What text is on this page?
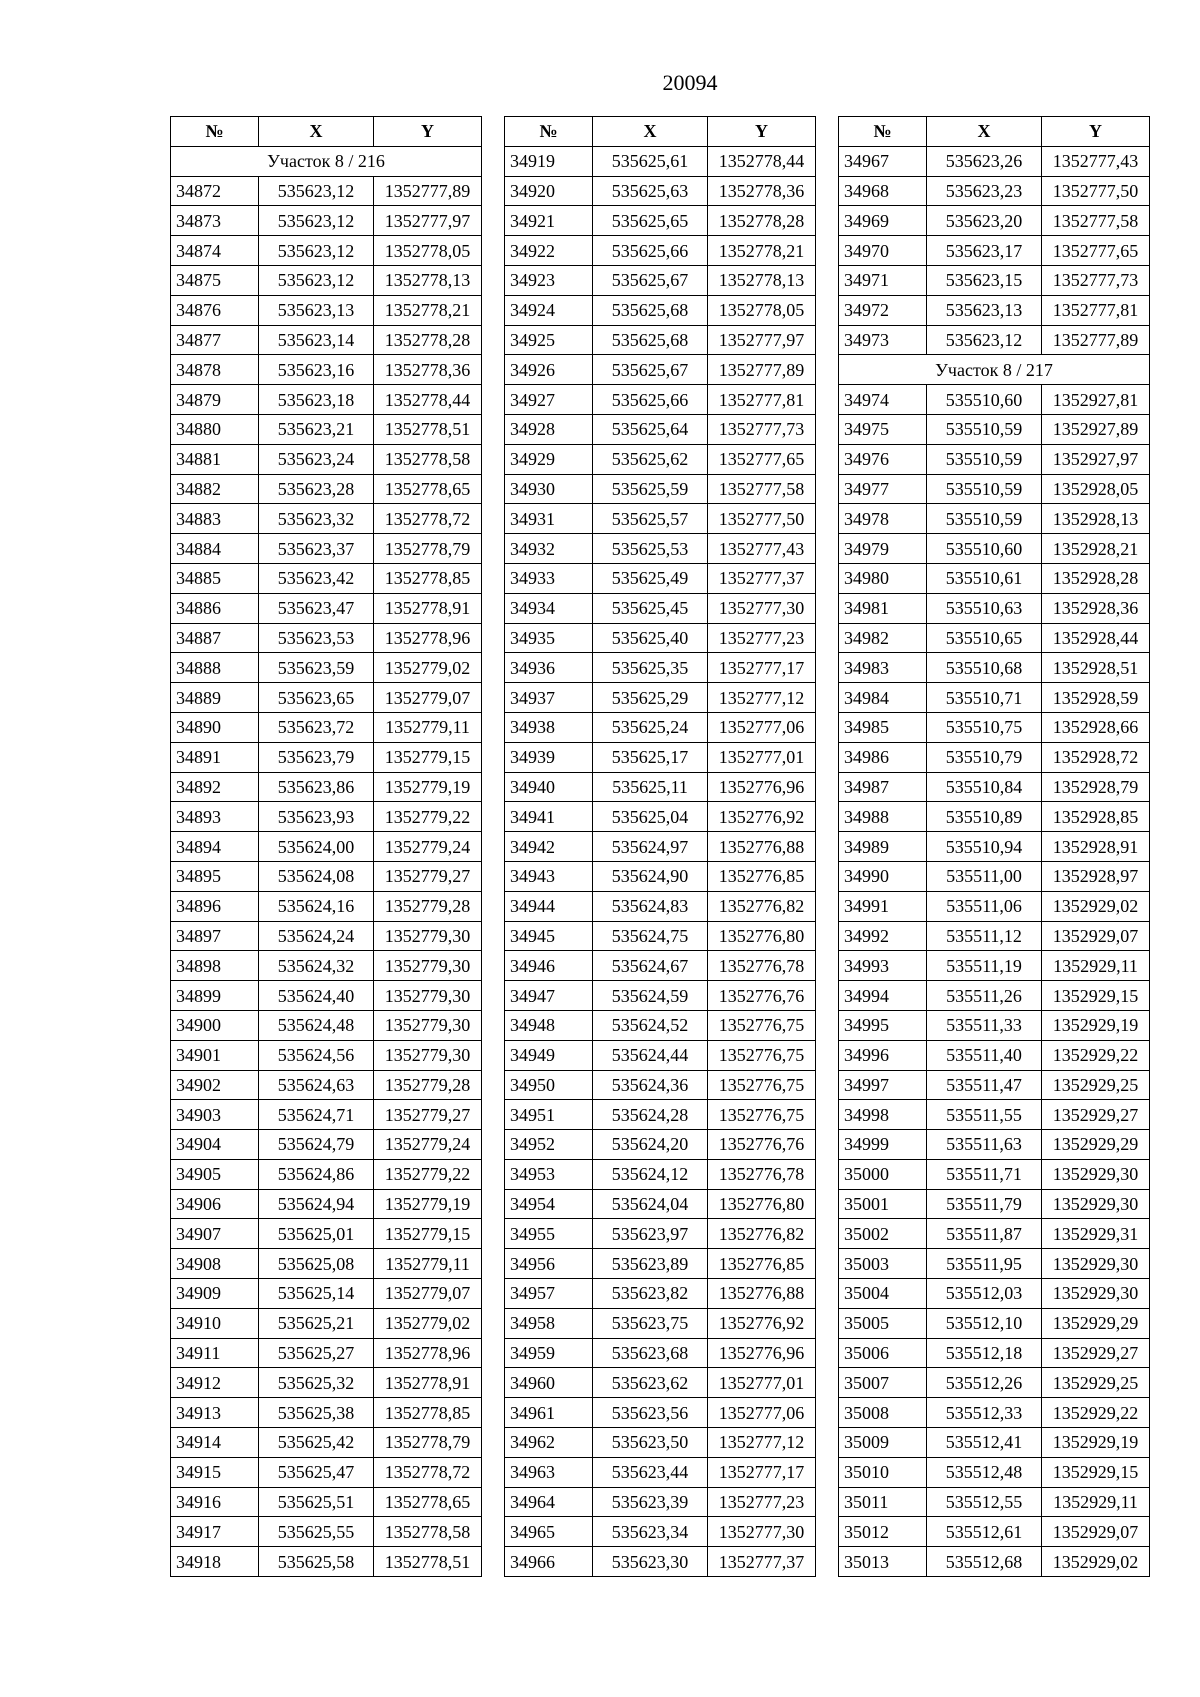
20094
№	X	Y
Участок 8 / 216		
34872	535623,12	1352777,89
34873	535623,12	1352777,97
34874	535623,12	1352778,05
34875	535623,12	1352778,13
34876	535623,13	1352778,21
34877	535623,14	1352778,28
34878	535623,16	1352778,36
34879	535623,18	1352778,44
34880	535623,21	1352778,51
34881	535623,24	1352778,58
34882	535623,28	1352778,65
34883	535623,32	1352778,72
34884	535623,37	1352778,79
34885	535623,42	1352778,85
34886	535623,47	1352778,91
34887	535623,53	1352778,96
34888	535623,59	1352779,02
34889	535623,65	1352779,07
34890	535623,72	1352779,11
34891	535623,79	1352779,15
34892	535623,86	1352779,19
34893	535623,93	1352779,22
34894	535624,00	1352779,24
34895	535624,08	1352779,27
34896	535624,16	1352779,28
34897	535624,24	1352779,30
34898	535624,32	1352779,30
34899	535624,40	1352779,30
34900	535624,48	1352779,30
34901	535624,56	1352779,30
34902	535624,63	1352779,28
34903	535624,71	1352779,27
34904	535624,79	1352779,24
34905	535624,86	1352779,22
34906	535624,94	1352779,19
34907	535625,01	1352779,15
34908	535625,08	1352779,11
34909	535625,14	1352779,07
34910	535625,21	1352779,02
34911	535625,27	1352778,96
34912	535625,32	1352778,91
34913	535625,38	1352778,85
34914	535625,42	1352778,79
34915	535625,47	1352778,72
34916	535625,51	1352778,65
34917	535625,55	1352778,58
34918	535625,58	1352778,51
№	X	Y
34919	535625,61	1352778,44
34920	535625,63	1352778,36
34921	535625,65	1352778,28
34922	535625,66	1352778,21
34923	535625,67	1352778,13
34924	535625,68	1352778,05
34925	535625,68	1352777,97
34926	535625,67	1352777,89
34927	535625,66	1352777,81
34928	535625,64	1352777,73
34929	535625,62	1352777,65
34930	535625,59	1352777,58
34931	535625,57	1352777,50
34932	535625,53	1352777,43
34933	535625,49	1352777,37
34934	535625,45	1352777,30
34935	535625,40	1352777,23
34936	535625,35	1352777,17
34937	535625,29	1352777,12
34938	535625,24	1352777,06
34939	535625,17	1352777,01
34940	535625,11	1352776,96
34941	535625,04	1352776,92
34942	535624,97	1352776,88
34943	535624,90	1352776,85
34944	535624,83	1352776,82
34945	535624,75	1352776,80
34946	535624,67	1352776,78
34947	535624,59	1352776,76
34948	535624,52	1352776,75
34949	535624,44	1352776,75
34950	535624,36	1352776,75
34951	535624,28	1352776,75
34952	535624,20	1352776,76
34953	535624,12	1352776,78
34954	535624,04	1352776,80
34955	535623,97	1352776,82
34956	535623,89	1352776,85
34957	535623,82	1352776,88
34958	535623,75	1352776,92
34959	535623,68	1352776,96
34960	535623,62	1352777,01
34961	535623,56	1352777,06
34962	535623,50	1352777,12
34963	535623,44	1352777,17
34964	535623,39	1352777,23
34965	535623,34	1352777,30
34966	535623,30	1352777,37
№	X	Y
34967	535623,26	1352777,43
34968	535623,23	1352777,50
34969	535623,20	1352777,58
34970	535623,17	1352777,65
34971	535623,15	1352777,73
34972	535623,13	1352777,81
34973	535623,12	1352777,89
Участок 8 / 217		
34974	535510,60	1352927,81
34975	535510,59	1352927,89
34976	535510,59	1352927,97
34977	535510,59	1352928,05
34978	535510,59	1352928,13
34979	535510,60	1352928,21
34980	535510,61	1352928,28
34981	535510,63	1352928,36
34982	535510,65	1352928,44
34983	535510,68	1352928,51
34984	535510,71	1352928,59
34985	535510,75	1352928,66
34986	535510,79	1352928,72
34987	535510,84	1352928,79
34988	535510,89	1352928,85
34989	535510,94	1352928,91
34990	535511,00	1352928,97
34991	535511,06	1352929,02
34992	535511,12	1352929,07
34993	535511,19	1352929,11
34994	535511,26	1352929,15
34995	535511,33	1352929,19
34996	535511,40	1352929,22
34997	535511,47	1352929,25
34998	535511,55	1352929,27
34999	535511,63	1352929,29
35000	535511,71	1352929,30
35001	535511,79	1352929,30
35002	535511,87	1352929,31
35003	535511,95	1352929,30
35004	535512,03	1352929,30
35005	535512,10	1352929,29
35006	535512,18	1352929,27
35007	535512,26	1352929,25
35008	535512,33	1352929,22
35009	535512,41	1352929,19
35010	535512,48	1352929,15
35011	535512,55	1352929,11
35012	535512,61	1352929,07
35013	535512,68	1352929,02
